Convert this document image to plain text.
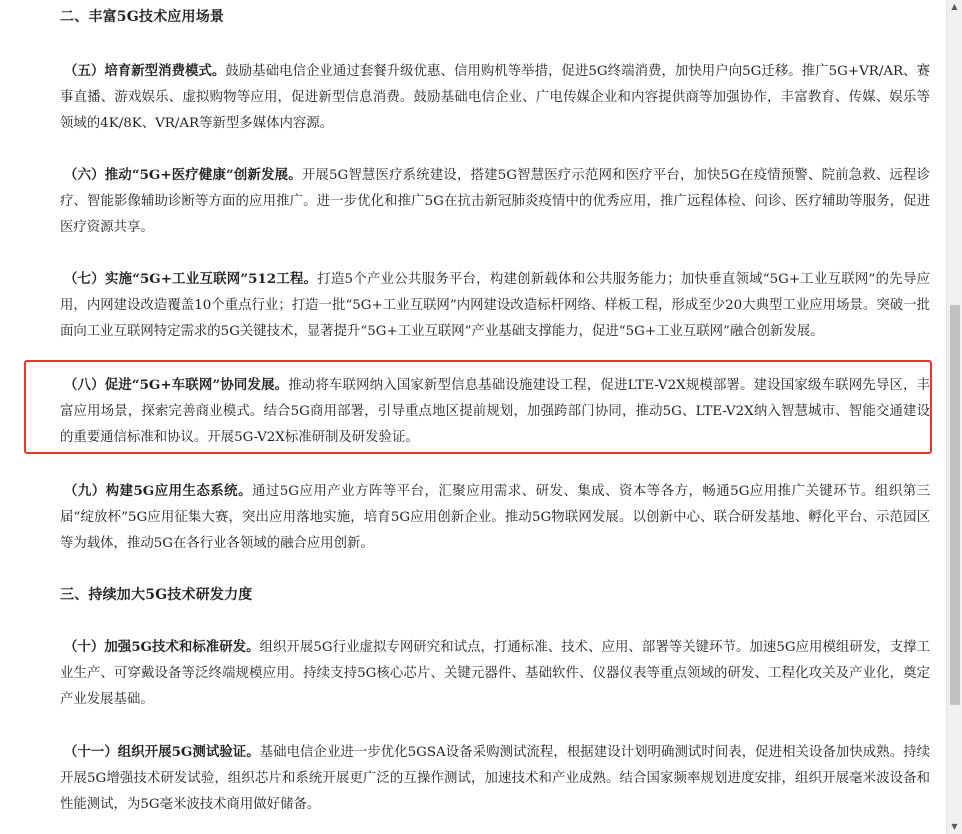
二、丰富5G技术应用场景
（五）培育新型消费模式。鼓励基础电信企业通过套餐升级优惠、信用购机等举措，促进5G终端消费，加快用户向5G迁移。推广5G+VR/AR、赛事直播、游戏娱乐、虚拟购物等应用，促进新型信息消费。鼓励基础电信企业、广电传媒企业和内容提供商等加强协作，丰富教育、传媒、娱乐等领域的4K/8K、VR/AR等新型多媒体内容源。
（六）推动“5G+医疗健康”创新发展。开展5G智慧医疗系统建设，搭建5G智慧医疗示范网和医疗平台，加快5G在疫情预警、院前急救、远程诊疗、智能影像辅助诊断等方面的应用推广。进一步优化和推广5G在抗击新冠肺炎疫情中的优秀应用，推广远程体检、问诊、医疗辅助等服务，促进医疗资源共享。
（七）实施“5G+工业互联网”512工程。打造5个产业公共服务平台，构建创新载体和公共服务能力；加快垂直领域“5G+工业互联网”的先导应用，内网建设改造覆盖10个重点行业；打造一批“5G+工业互联网”内网建设改造标杆网络、样板工程，形成至少20大典型工业应用场景。突破一批面向工业互联网特定需求的5G关键技术，显著提升“5G+工业互联网”产业基础支撑能力，促进“5G+工业互联网”融合创新发展。
（八）促进“5G+车联网”协同发展。推动将车联网纳入国家新型信息基础设施建设工程，促进LTE-V2X规模部署。建设国家级车联网先导区，丰富应用场景，探索完善商业模式。结合5G商用部署，引导重点地区提前规划，加强跨部门协同，推动5G、LTE-V2X纳入智慧城市、智能交通建设的重要通信标准和协议。开展5G-V2X标准研制及研发验证。
（九）构建5G应用生态系统。通过5G应用产业方阵等平台，汇聚应用需求、研发、集成、资本等各方，畅通5G应用推广关键环节。组织第三届“绽放杯”5G应用征集大赛，突出应用落地实施，培育5G应用创新企业。推动5G物联网发展。以创新中心、联合研发基地、孵化平台、示范园区等为载体，推动5G在各行业各领域的融合应用创新。
三、持续加大5G技术研发力度
（十）加强5G技术和标准研发。组织开展5G行业虚拟专网研究和试点，打通标准、技术、应用、部署等关键环节。加速5G应用模组研发，支撑工业生产、可穿戴设备等泛终端规模应用。持续支持5G核心芯片、关键元器件、基础软件、仪器仪表等重点领域的研发、工程化攻关及产业化，奠定产业发展基础。
（十一）组织开展5G测试验证。基础电信企业进一步优化5GSA设备采购测试流程，根据建设计划明确测试时间表，促进相关设备加快成熟。持续开展5G增强技术研发试验，组织芯片和系统开展更广泛的互操作测试，加速技术和产业成熟。结合国家频率规划进度安排，组织开展毫米波设备和性能测试，为5G毫米波技术商用做好储备。
▲
▼
